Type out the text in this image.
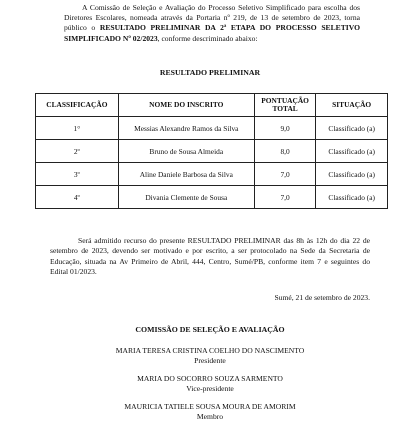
A Comissão de Seleção e Avaliação do Processo Seletivo Simplificado para escolha dos Diretores Escolares, nomeada através da Portaria nº 219, de 13 de setembro de 2023, torna público o RESULTADO PRELIMINAR DA 2ª ETAPA DO PROCESSO SELETIVO SIMPLIFICADO Nº 02/2023, conforme descriminado abaixo:
RESULTADO PRELIMINAR
CLASSIFICAÇÃO	NOME DO INSCRITO	PONTUAÇÃO TOTAL	SITUAÇÃO
1°	Messias Alexandre Ramos da Silva	9,0	Classificado (a)
2º	Bruno de Sousa Almeida	8,0	Classificado (a)
3º	Aline Daniele Barbosa da Silva	7,0	Classificado (a)
4º	Divania Clemente de Sousa	7,0	Classificado (a)
Será admitido recurso do presente RESULTADO PRELIMINAR das 8h às 12h do dia 22 de setembro de 2023, devendo ser motivado e por escrito, a ser protocolado na Sede da Secretaria de Educação, situada na Av Primeiro de Abril, 444, Centro, Sumé/PB, conforme item 7 e seguintes do Edital 01/2023.
Sumé, 21 de setembro de 2023.
COMISSÃO DE SELEÇÃO E AVALIAÇÃO
MARIA TERESA CRISTINA COELHO DO NASCIMENTO
Presidente
MARIA DO SOCORRO SOUZA SARMENTO
Vice-presidente
MAURICIA TATIELE SOUSA MOURA DE AMORIM
Membro
